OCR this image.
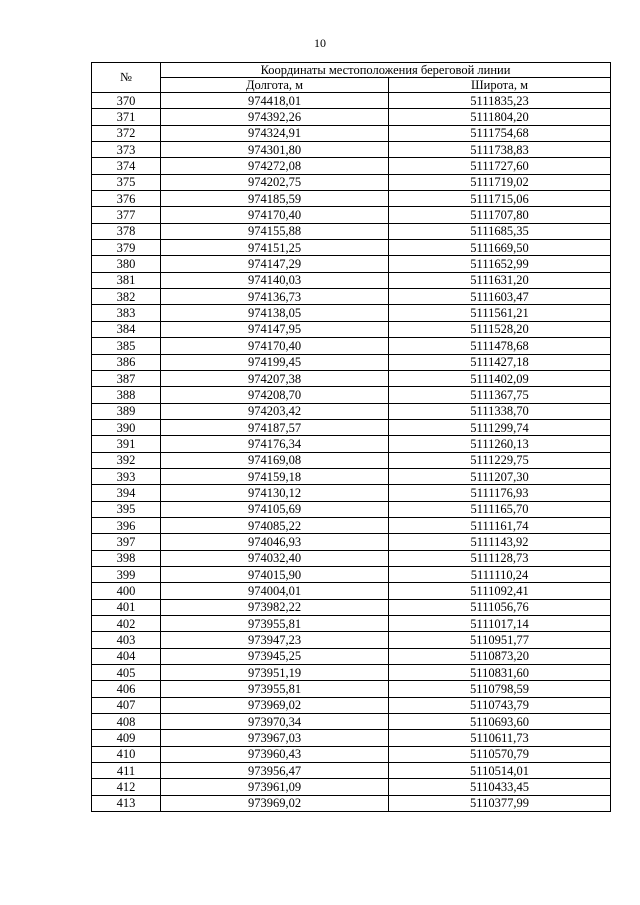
10
№	Координаты местоположения береговой линии	
	Долгота, м	Широта, м
370	974418,01	5111835,23
371	974392,26	5111804,20
372	974324,91	5111754,68
373	974301,80	5111738,83
374	974272,08	5111727,60
375	974202,75	5111719,02
376	974185,59	5111715,06
377	974170,40	5111707,80
378	974155,88	5111685,35
379	974151,25	5111669,50
380	974147,29	5111652,99
381	974140,03	5111631,20
382	974136,73	5111603,47
383	974138,05	5111561,21
384	974147,95	5111528,20
385	974170,40	5111478,68
386	974199,45	5111427,18
387	974207,38	5111402,09
388	974208,70	5111367,75
389	974203,42	5111338,70
390	974187,57	5111299,74
391	974176,34	5111260,13
392	974169,08	5111229,75
393	974159,18	5111207,30
394	974130,12	5111176,93
395	974105,69	5111165,70
396	974085,22	5111161,74
397	974046,93	5111143,92
398	974032,40	5111128,73
399	974015,90	5111110,24
400	974004,01	5111092,41
401	973982,22	5111056,76
402	973955,81	5111017,14
403	973947,23	5110951,77
404	973945,25	5110873,20
405	973951,19	5110831,60
406	973955,81	5110798,59
407	973969,02	5110743,79
408	973970,34	5110693,60
409	973967,03	5110611,73
410	973960,43	5110570,79
411	973956,47	5110514,01
412	973961,09	5110433,45
413	973969,02	5110377,99
